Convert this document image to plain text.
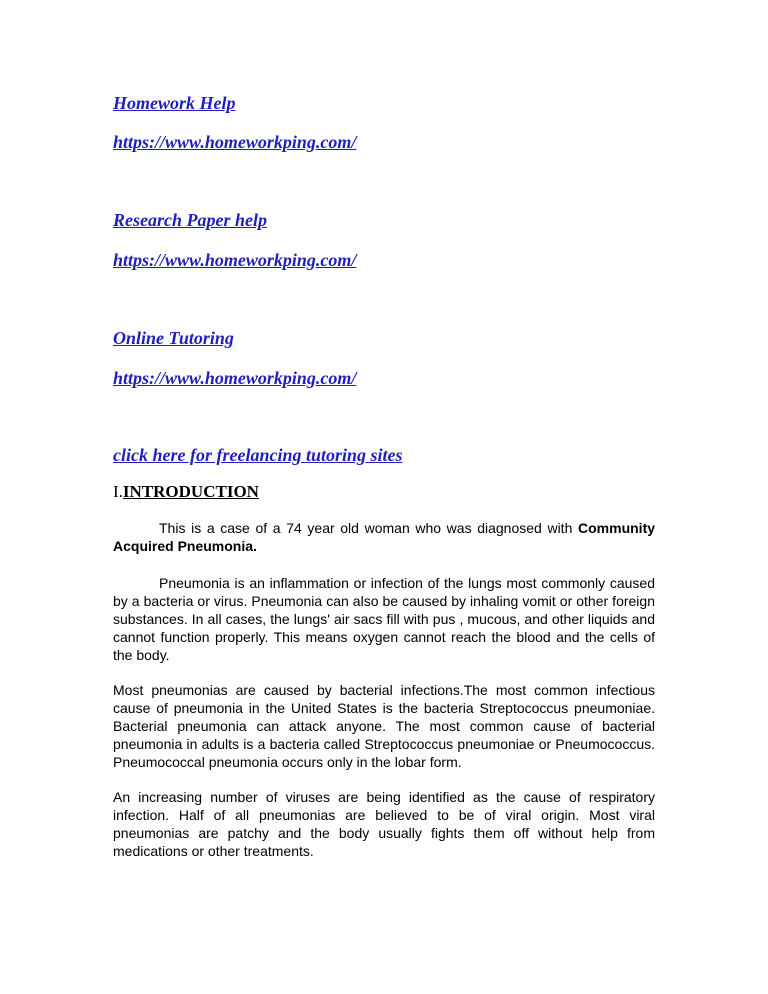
Homework Help
https://www.homeworkping.com/
Research Paper help
https://www.homeworkping.com/
Online Tutoring
https://www.homeworkping.com/
click here for freelancing tutoring sites
I.INTRODUCTION

This is a case of a 74 year old woman who was diagnosed with Community Acquired Pneumonia.

Pneumonia is an inflammation or infection of the lungs most commonly caused by a bacteria or virus. Pneumonia can also be caused by inhaling vomit or other foreign substances. In all cases, the lungs' air sacs fill with pus , mucous, and other liquids and cannot function properly. This means oxygen cannot reach the blood and the cells of the body.

Most pneumonias are caused by bacterial infections.The most common infectious cause of pneumonia in the United States is the bacteria Streptococcus pneumoniae. Bacterial pneumonia can attack anyone. The most common cause of bacterial pneumonia in adults is a bacteria called Streptococcus pneumoniae or Pneumococcus. Pneumococcal pneumonia occurs only in the lobar form.

An increasing number of viruses are being identified as the cause of respiratory infection. Half of all pneumonias are believed to be of viral origin. Most viral pneumonias are patchy and the body usually fights them off without help from medications or other treatments.
